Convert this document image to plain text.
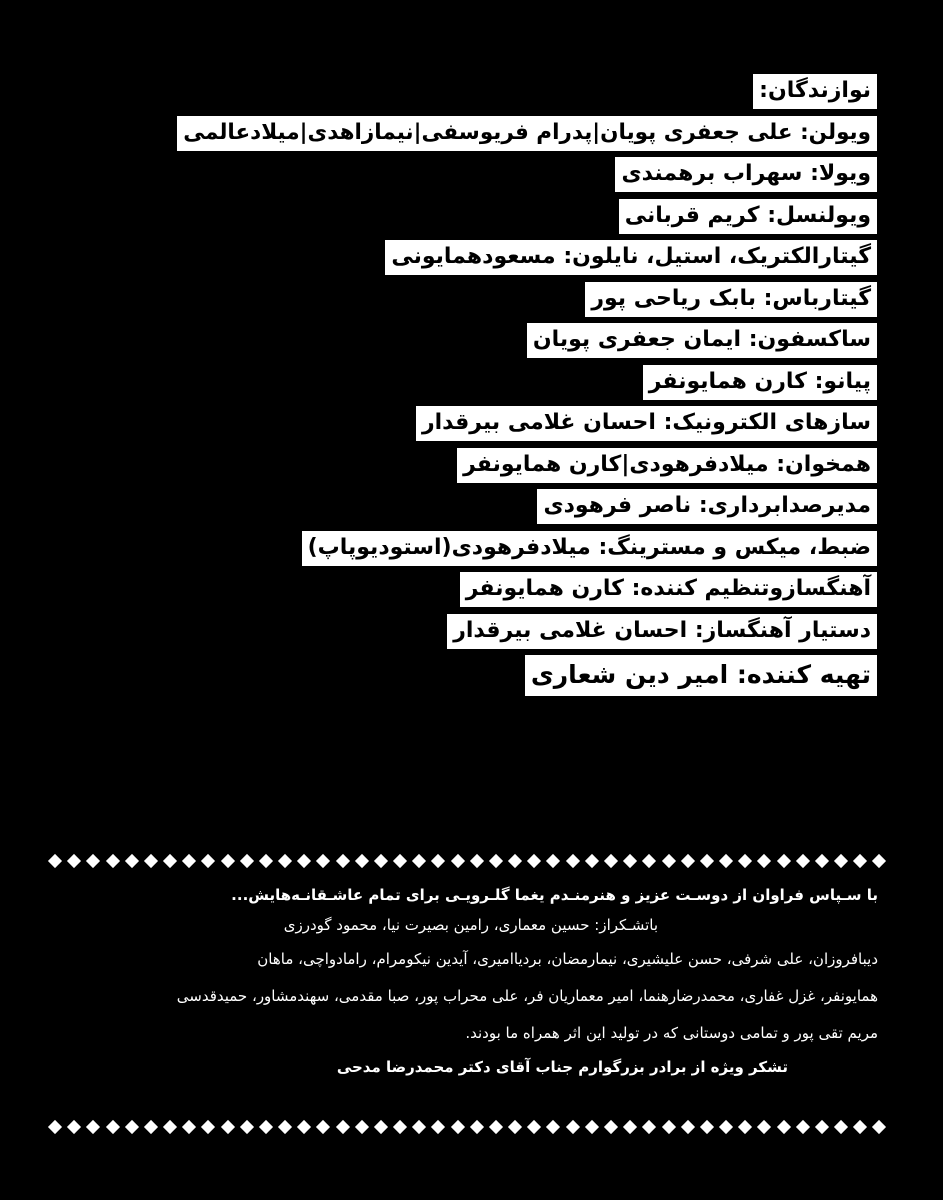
نوازندگان:
ویولن: علی جعفری پویان|پدرام فریوسفی|نیمازاهدی|میلادعالمی
ویولا: سهراب برهمندی
ویولنسل: کریم قربانی
گیتارالکتریک، استیل، نایلون: مسعودهمایونی
گیتارباس: بابک ریاحی پور
ساکسفون: ایمان جعفری پویان
پیانو: کارن همایونفر
سازهای الکترونیک: احسان غلامی بیرقدار
همخوان: میلادفرهودی|کارن همایونفر
مدیرصدابرداری: ناصر فرهودی
ضبط، میکس و مسترینگ: میلادفرهودی(استودیوپاپ)
آهنگسازوتنظیم کننده: کارن همایونفر
دستیار آهنگساز: احسان غلامی بیرقدار
تهیه کننده: امیر دین شعاری
با سـپاس فراوان از دوسـت عزیز و هنرمنـدم یغما گلـرویـی برای تمام عاشـقانـه‌هایش...
باتشـکراز: حسین معماری، رامین بصیرت نیا، محمود گودرزی
دیبافروزان، علی شرفی، حسن علیشیری، نیمارمضان، بردیاامیری، آیدین نیکومرام، رامادواچی، ماهان
همایونفر، غزل غفاری، محمدرضارهنما، امیر معماریان فر، علی محراب پور، صبا مقدمی، سهندمشاور، حمیدقدسی
مریم تقی پور و تمامی دوستانی که در تولید این اثر همراه ما بودند.
تشکر ویژه از برادر بزرگوارم جناب آقای دکتر محمدرضا مدحی
